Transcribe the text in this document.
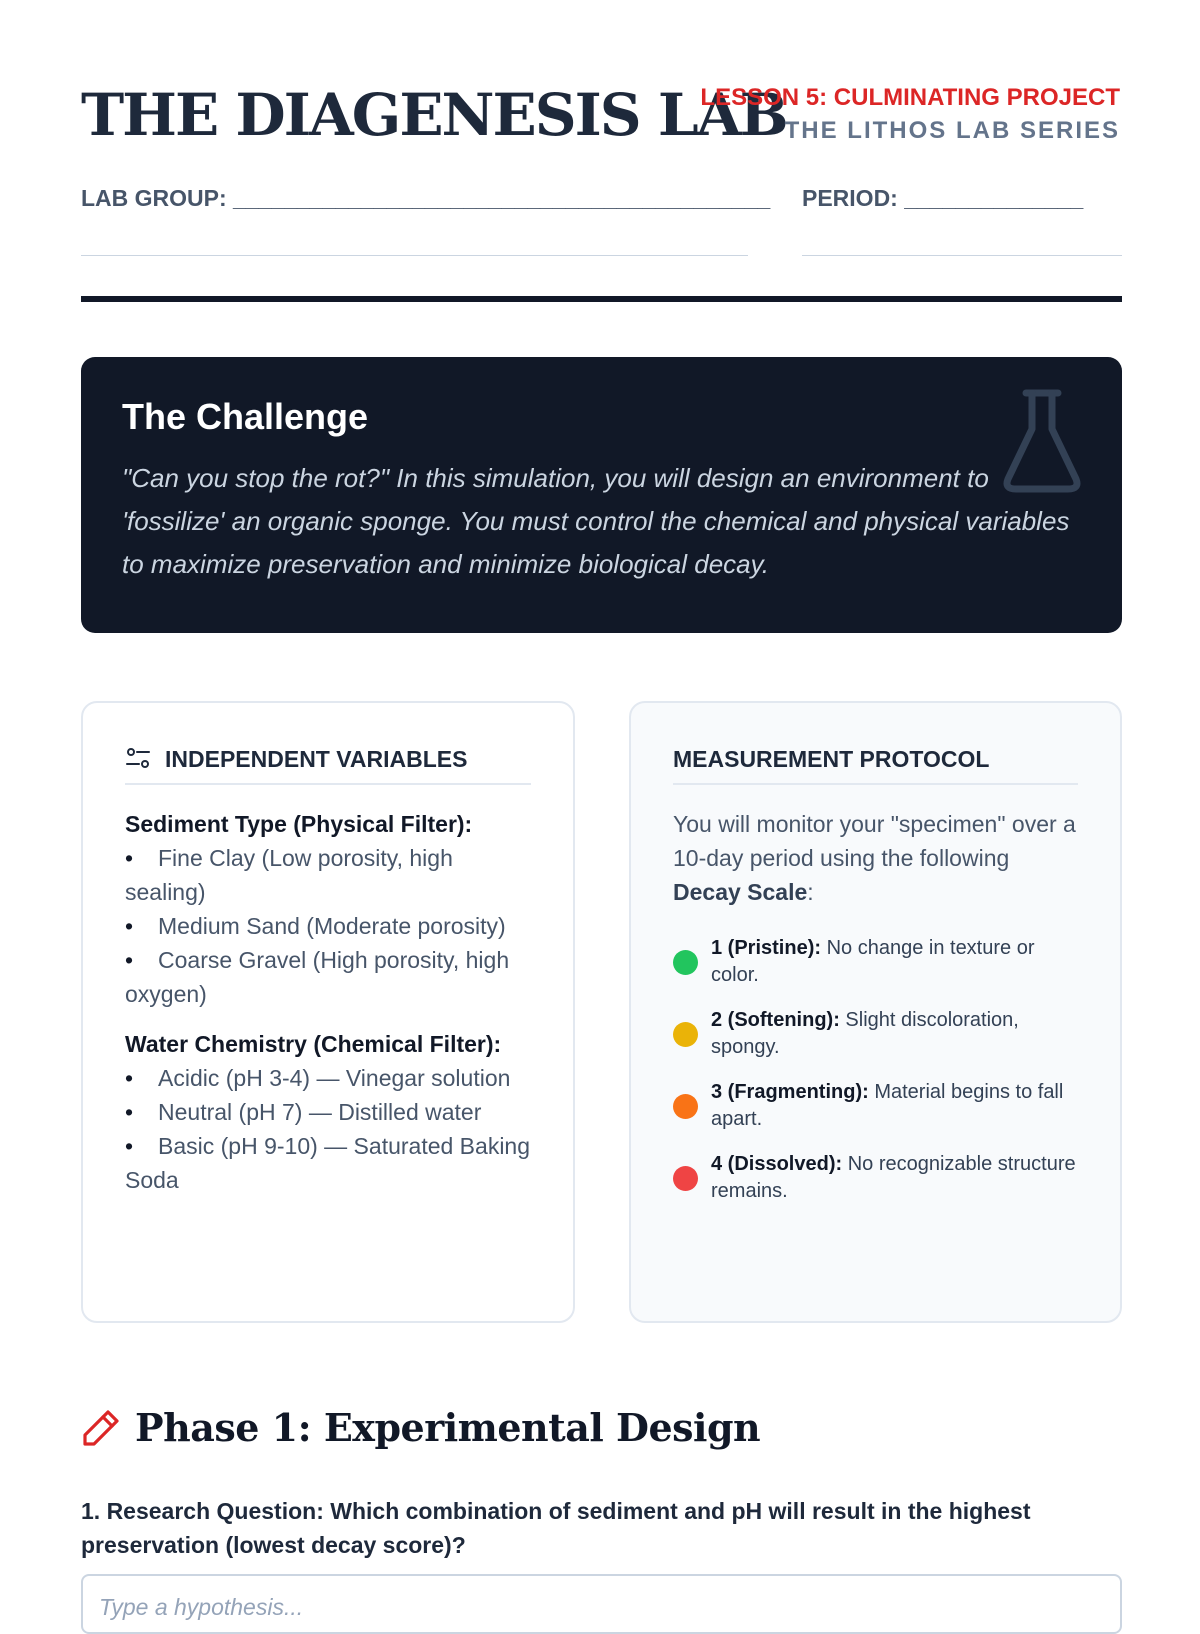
THE DIAGENESIS LAB
LESSON 5: CULMINATING PROJECT
THE LITHOS LAB SERIES
LAB GROUP: __________________________________________ PERIOD: ______________
The Challenge

"Can you stop the rot?" In this simulation, you will design an environment to 'fossilize' an organic sponge. You must control the chemical and physical variables to maximize preservation and minimize biological decay.

INDEPENDENT VARIABLES
Sediment Type (Physical Filter):
• Fine Clay (Low porosity, high sealing)
• Medium Sand (Moderate porosity)
• Coarse Gravel (High porosity, high oxygen)
Water Chemistry (Chemical Filter):
• Acidic (pH 3-4) — Vinegar solution
• Neutral (pH 7) — Distilled water
• Basic (pH 9-10) — Saturated Baking Soda
MEASUREMENT PROTOCOL

You will monitor your "specimen" over a 10-day period using the following Decay Scale:

1 (Pristine): No change in texture or color.
2 (Softening): Slight discoloration, spongy.
3 (Fragmenting): Material begins to fall apart.
4 (Dissolved): No recognizable structure remains.
Phase 1: Experimental Design

1. Research Question: Which combination of sediment and pH will result in the highest preservation (lowest decay score)?

Type a hypothesis...
